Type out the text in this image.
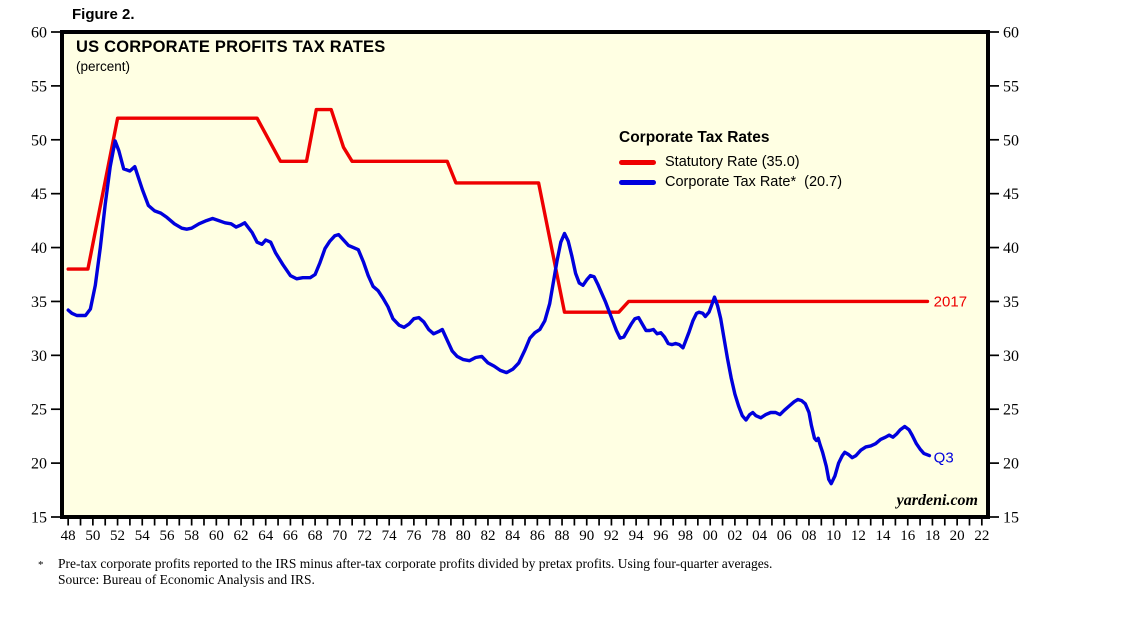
Figure 2.
48 50 52 54 56 58 60 62 64 66 68 70 72 74 76 78 80 82 84 86 88 90 92 94 96 98 00 02 04 06 08 10 12 14 16 18 20 22
15	15
20	20
25	25
30	30
35	35
40	40
45	45
50	50
55	55
60	60
2017
Q3
US CORPORATE PROFITS TAX RATES
(percent)
Corporate Tax Rates
Statutory Rate (35.0)
Corporate Tax Rate*  (20.7)
yardeni.com
*	Pre-tax corporate profits reported to the IRS minus after-tax corporate profits divided by pretax profits. Using four-quarter averages.
Source: Bureau of Economic Analysis and IRS.
